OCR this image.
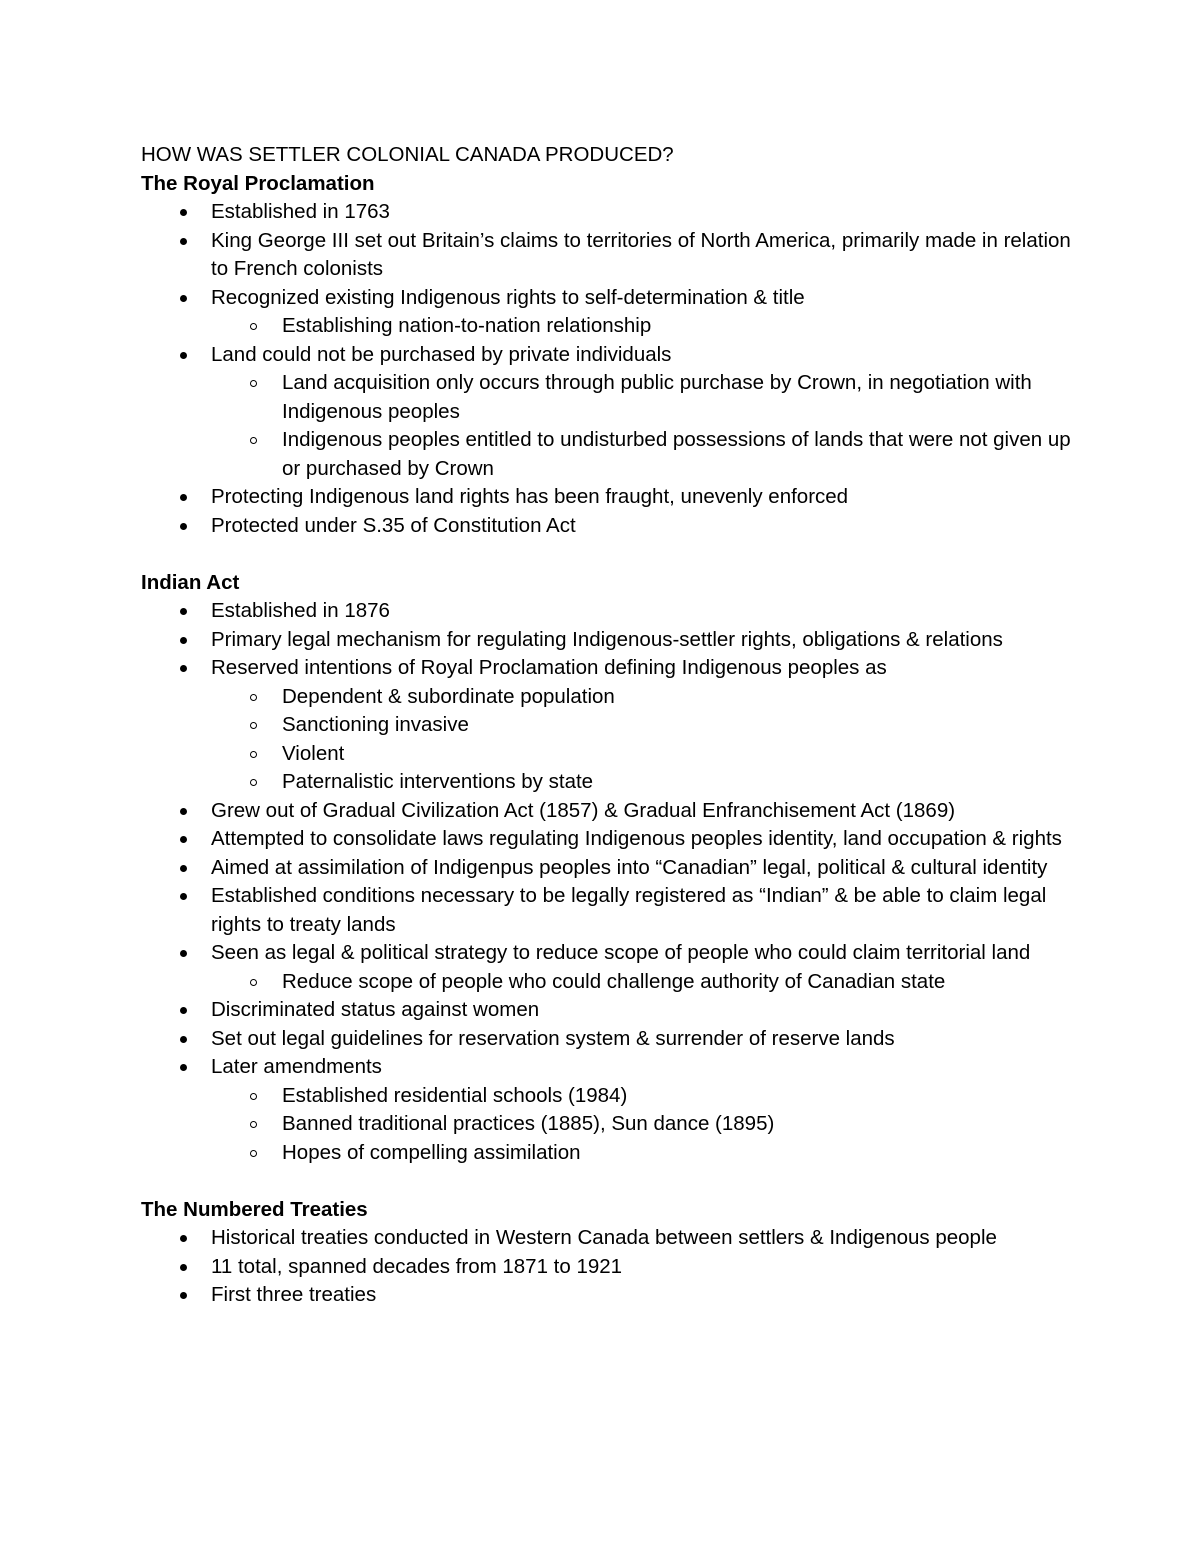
HOW WAS SETTLER COLONIAL CANADA PRODUCED?

The Royal Proclamation

Established in 1763
King George III set out Britain’s claims to territories of North America, primarily made in relation to French colonists
Recognized existing Indigenous rights to self-determination & title
Establishing nation-to-nation relationship
Land could not be purchased by private individuals
Land acquisition only occurs through public purchase by Crown, in negotiation with Indigenous peoples
Indigenous peoples entitled to undisturbed possessions of lands that were not given up or purchased by Crown
Protecting Indigenous land rights has been fraught, unevenly enforced
Protected under S.35 of Constitution Act

Indian Act

Established in 1876
Primary legal mechanism for regulating Indigenous-settler rights, obligations & relations
Reserved intentions of Royal Proclamation defining Indigenous peoples as
Dependent & subordinate population
Sanctioning invasive
Violent
Paternalistic interventions by state
Grew out of Gradual Civilization Act (1857) & Gradual Enfranchisement Act (1869)
Attempted to consolidate laws regulating Indigenous peoples identity, land occupation & rights
Aimed at assimilation of Indigenpus peoples into “Canadian” legal, political & cultural identity
Established conditions necessary to be legally registered as “Indian” & be able to claim legal rights to treaty lands
Seen as legal & political strategy to reduce scope of people who could claim territorial land
Reduce scope of people who could challenge authority of Canadian state
Discriminated status against women
Set out legal guidelines for reservation system & surrender of reserve lands
Later amendments
Established residential schools (1984)
Banned traditional practices (1885), Sun dance (1895)
Hopes of compelling assimilation

The Numbered Treaties

Historical treaties conducted in Western Canada between settlers & Indigenous people
11 total, spanned decades from 1871 to 1921
First three treaties
